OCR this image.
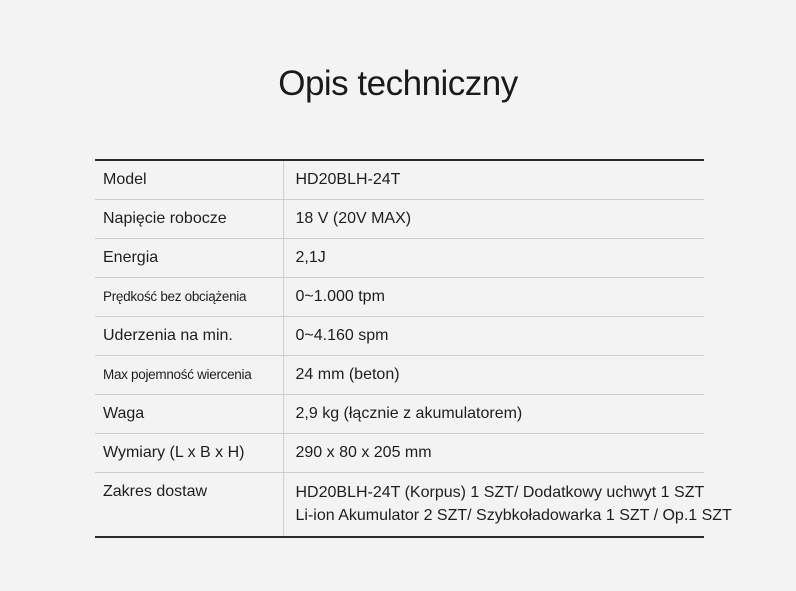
Opis techniczny
Model	HD20BLH-24T
Napięcie robocze	18 V (20V MAX)
Energia	2,1J
Prędkość bez obciążenia	0~1.000 tpm
Uderzenia na min.	0~4.160 spm
Max pojemność wiercenia	24 mm (beton)
Waga	2,9 kg (łącznie z akumulatorem)
Wymiary (L x B x H)	290 x 80 x 205 mm
Zakres dostaw	HD20BLH-24T (Korpus) 1 SZT/ Dodatkowy uchwyt 1 SZT
Li-ion Akumulator 2 SZT/ Szybkoładowarka 1 SZT / Op.1 SZT
